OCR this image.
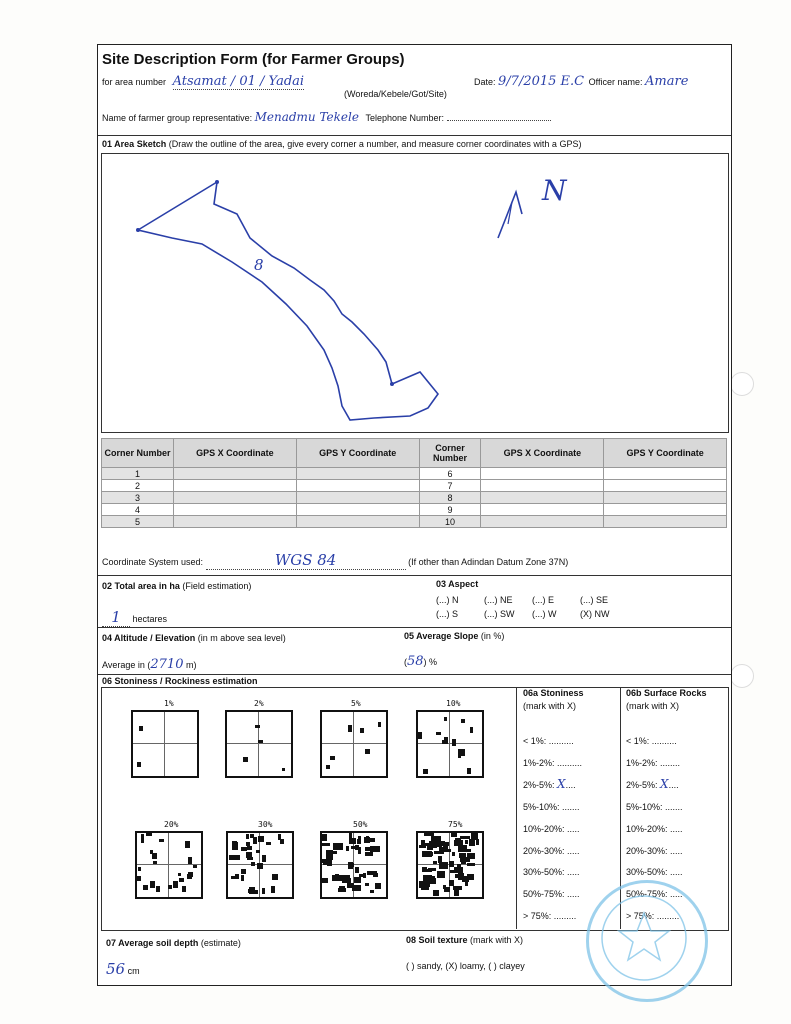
Site Description Form (for Farmer Groups)
for area number Atsamat / 01 / Yadai
(Woreda/Kebele/Got/Site)
Date: 9/7/2015 E.C Officer name: Amare
Name of farmer group representative: Menadmu Tekele Telephone Number:
01 Area Sketch (Draw the outline of the area, give every corner a number, and measure corner coordinates with a GPS)
N
8
Corner Number	GPS X Coordinate	GPS Y Coordinate	Corner Number	GPS X Coordinate	GPS Y Coordinate
1			6		
2			7		
3			8		
4			9		
5			10		
Coordinate System used:	WGS 84	(If other than Adindan Datum Zone 37N)
02 Total area in ha (Field estimation)
1 hectares
03 Aspect
(...) N	(...) NE (...) E	(...) SE
(...) S	(...) SW (...) W	(X) NW
04 Altitude / Elevation (in m above sea level)
Average in (2710 m)
05 Average Slope (in %)
(58) %
06 Stoniness / Rockiness estimation
1%	2%	5%	10%
20%	30%	50%	75%
06a Stoniness
(mark with X)
06b Surface Rocks
(mark with X)
< 1%: ..........
1%-2%: ..........
2%-5%: X....
5%-10%: .......
10%-20%: .....
20%-30%: .....
30%-50%: .....
50%-75%: .....
> 75%: .........
< 1%: ..........
1%-2%: ........
2%-5%: X....
5%-10%: .......
10%-20%: .....
20%-30%: .....
30%-50%: .....
50%-75%: .....
> 75%: .........
07 Average soil depth (estimate)
56 cm
08 Soil texture (mark with X)
( ) sandy, (X) loamy, ( ) clayey
